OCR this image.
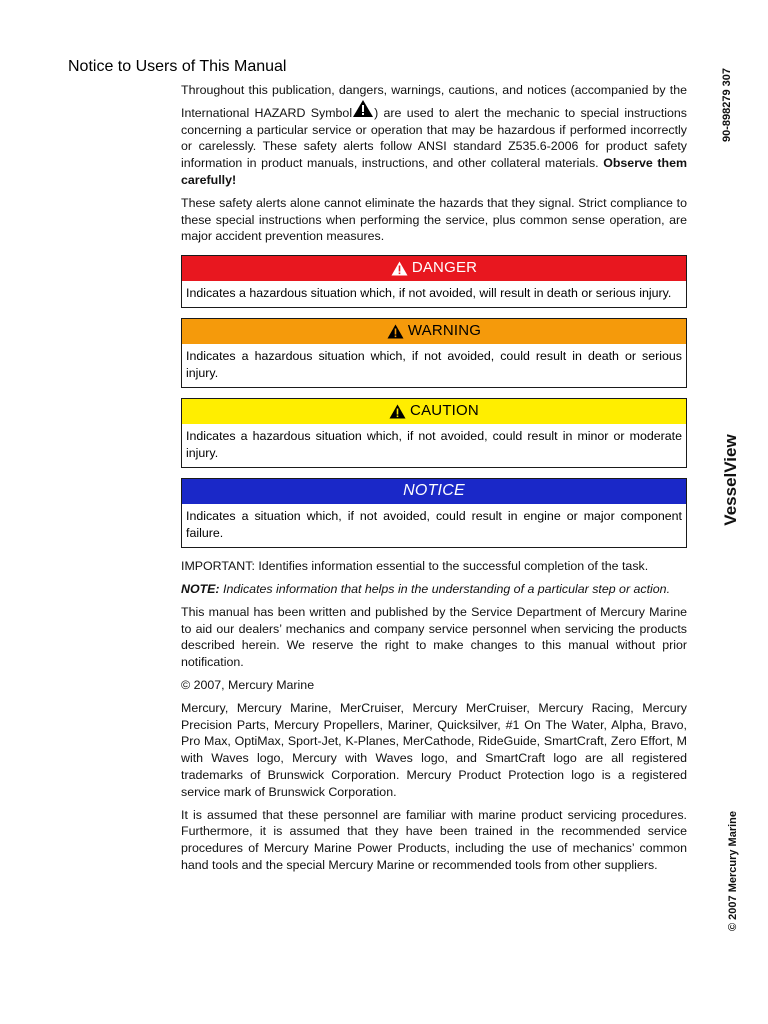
Notice to Users of This Manual
90-898279 307
VesselView
© 2007 Mercury Marine

Throughout this publication, dangers, warnings, cautions, and notices (accompanied by the International HAZARD Symbol ) are used to alert the mechanic to special instructions concerning a particular service or operation that may be hazardous if performed incorrectly or carelessly. These safety alerts follow ANSI standard Z535.6-2006 for product safety information in product manuals, instructions, and other collateral materials. Observe them carefully!

These safety alerts alone cannot eliminate the hazards that they signal. Strict compliance to these special instructions when performing the service, plus common sense operation, are major accident prevention measures.

DANGER
Indicates a hazardous situation which, if not avoided, will result in death or serious injury.
WARNING
Indicates a hazardous situation which, if not avoided, could result in death or serious injury.
CAUTION
Indicates a hazardous situation which, if not avoided, could result in minor or moderate injury.
NOTICE
Indicates a situation which, if not avoided, could result in engine or major component failure.

IMPORTANT: Identifies information essential to the successful completion of the task.

NOTE: Indicates information that helps in the understanding of a particular step or action.

This manual has been written and published by the Service Department of Mercury Marine to aid our dealers’ mechanics and company service personnel when servicing the products described herein. We reserve the right to make changes to this manual without prior notification.

© 2007, Mercury Marine

Mercury, Mercury Marine, MerCruiser, Mercury MerCruiser, Mercury Racing, Mercury Precision Parts, Mercury Propellers, Mariner, Quicksilver, #1 On The Water, Alpha, Bravo, Pro Max, OptiMax, Sport-Jet, K-Planes, MerCathode, RideGuide, SmartCraft, Zero Effort, M with Waves logo, Mercury with Waves logo, and SmartCraft logo are all registered trademarks of Brunswick Corporation. Mercury Product Protection logo is a registered service mark of Brunswick Corporation.

It is assumed that these personnel are familiar with marine product servicing procedures. Furthermore, it is assumed that they have been trained in the recommended service procedures of Mercury Marine Power Products, including the use of mechanics’ common hand tools and the special Mercury Marine or recommended tools from other suppliers.
